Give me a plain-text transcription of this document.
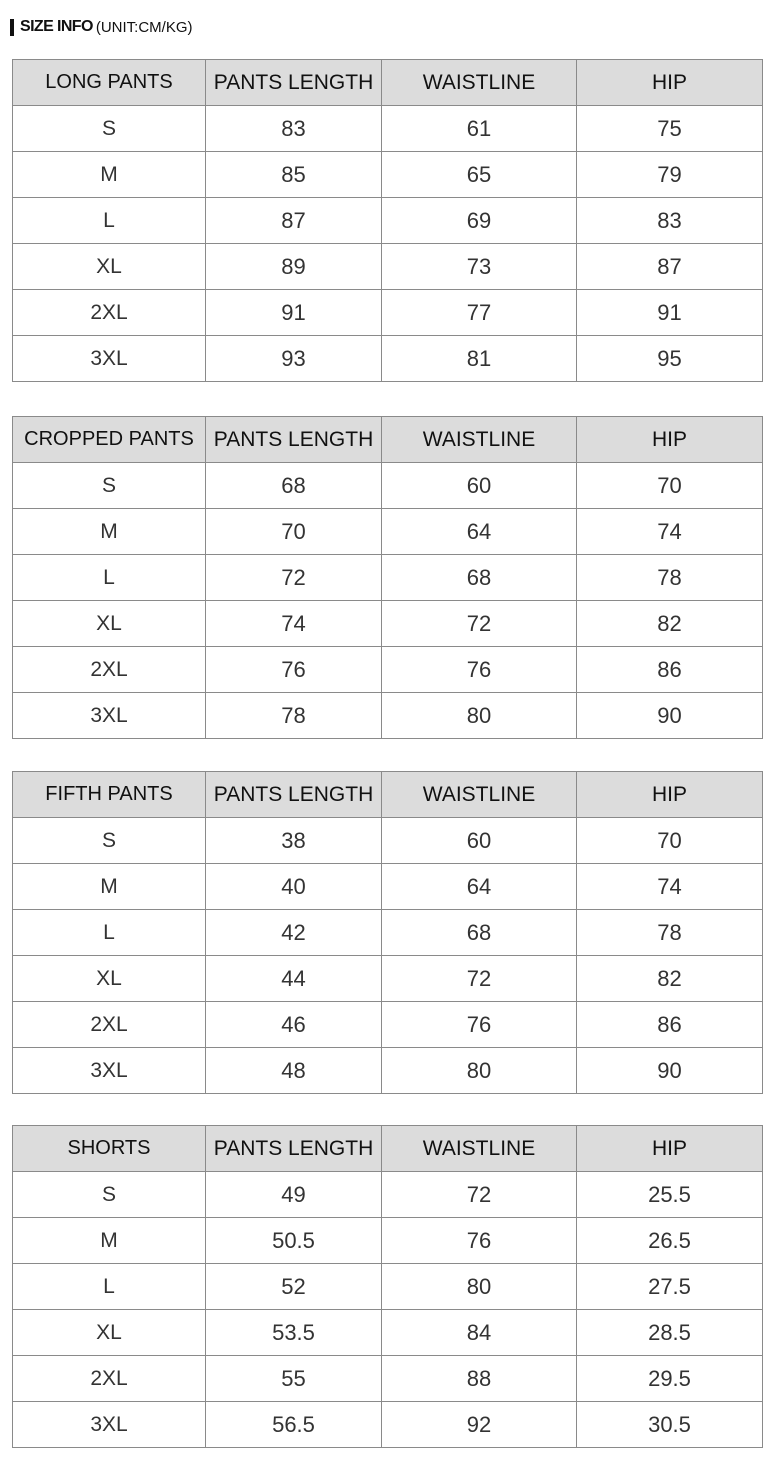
SIZE INFO (UNIT:CM/KG)
LONG PANTS	PANTS LENGTH	WAISTLINE	HIP
S	83	61	75
M	85	65	79
L	87	69	83
XL	89	73	87
2XL	91	77	91
3XL	93	81	95
CROPPED PANTS	PANTS LENGTH	WAISTLINE	HIP
S	68	60	70
M	70	64	74
L	72	68	78
XL	74	72	82
2XL	76	76	86
3XL	78	80	90
FIFTH PANTS	PANTS LENGTH	WAISTLINE	HIP
S	38	60	70
M	40	64	74
L	42	68	78
XL	44	72	82
2XL	46	76	86
3XL	48	80	90
SHORTS	PANTS LENGTH	WAISTLINE	HIP
S	49	72	25.5
M	50.5	76	26.5
L	52	80	27.5
XL	53.5	84	28.5
2XL	55	88	29.5
3XL	56.5	92	30.5
